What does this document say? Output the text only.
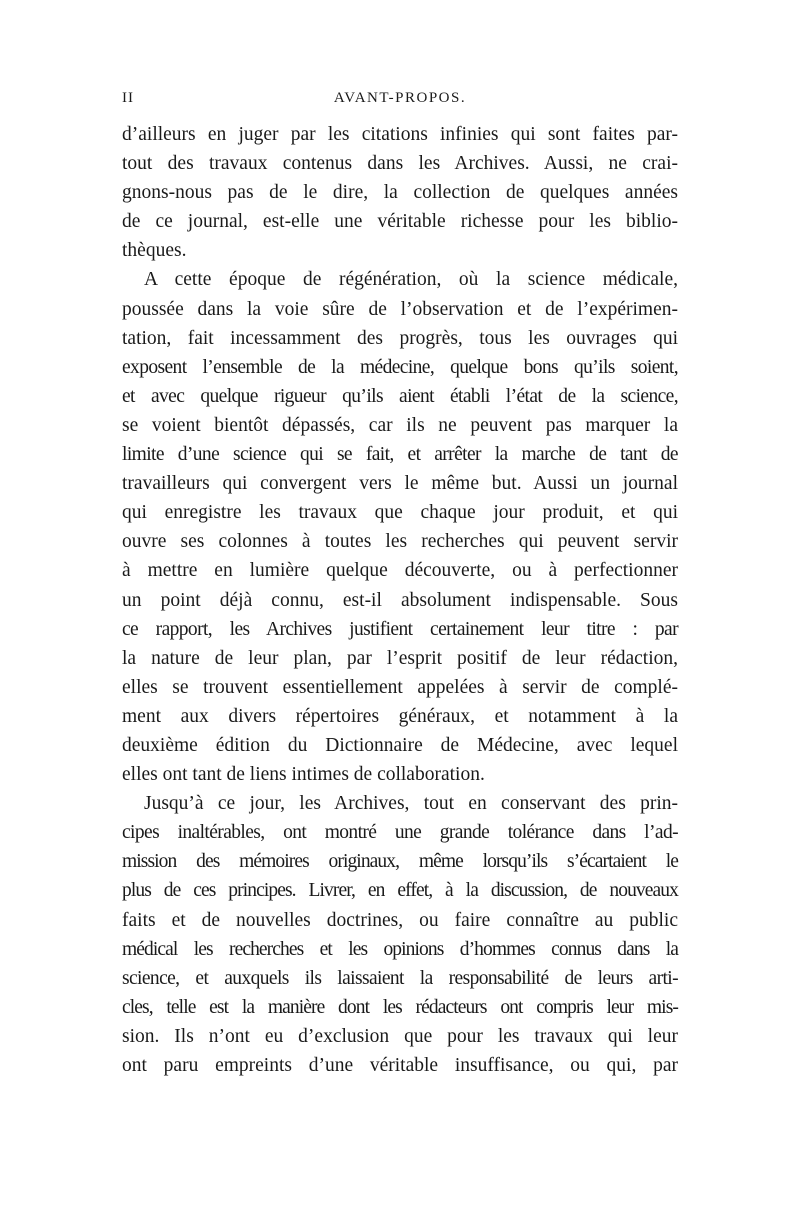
II	AVANT-PROPOS.
d’ailleurs en juger par les citations infinies qui sont faites par-
tout des travaux contenus dans les Archives. Aussi, ne crai-
gnons-nous pas de le dire, la collection de quelques années
de ce journal, est-elle une véritable richesse pour les biblio-
thèques.
A cette époque de régénération, où la science médicale,
poussée dans la voie sûre de l’observation et de l’expérimen-
tation, fait incessamment des progrès, tous les ouvrages qui
exposent l’ensemble de la médecine, quelque bons qu’ils soient,
et avec quelque rigueur qu’ils aient établi l’état de la science,
se voient bientôt dépassés, car ils ne peuvent pas marquer la
limite d’une science qui se fait, et arrêter la marche de tant de
travailleurs qui convergent vers le même but. Aussi un journal
qui enregistre les travaux que chaque jour produit, et qui
ouvre ses colonnes à toutes les recherches qui peuvent servir
à mettre en lumière quelque découverte, ou à perfectionner
un point déjà connu, est-il absolument indispensable. Sous
ce rapport, les Archives justifient certainement leur titre : par
la nature de leur plan, par l’esprit positif de leur rédaction,
elles se trouvent essentiellement appelées à servir de complé-
ment aux divers répertoires généraux, et notamment à la
deuxième édition du Dictionnaire de Médecine, avec lequel
elles ont tant de liens intimes de collaboration.
Jusqu’à ce jour, les Archives, tout en conservant des prin-
cipes inaltérables, ont montré une grande tolérance dans l’ad-
mission des mémoires originaux, même lorsqu’ils s’écartaient le
plus de ces principes. Livrer, en effet, à la discussion, de nouveaux
faits et de nouvelles doctrines, ou faire connaître au public
médical les recherches et les opinions d’hommes connus dans la
science, et auxquels ils laissaient la responsabilité de leurs arti-
cles, telle est la manière dont les rédacteurs ont compris leur mis-
sion. Ils n’ont eu d’exclusion que pour les travaux qui leur
ont paru empreints d’une véritable insuffisance, ou qui, par
